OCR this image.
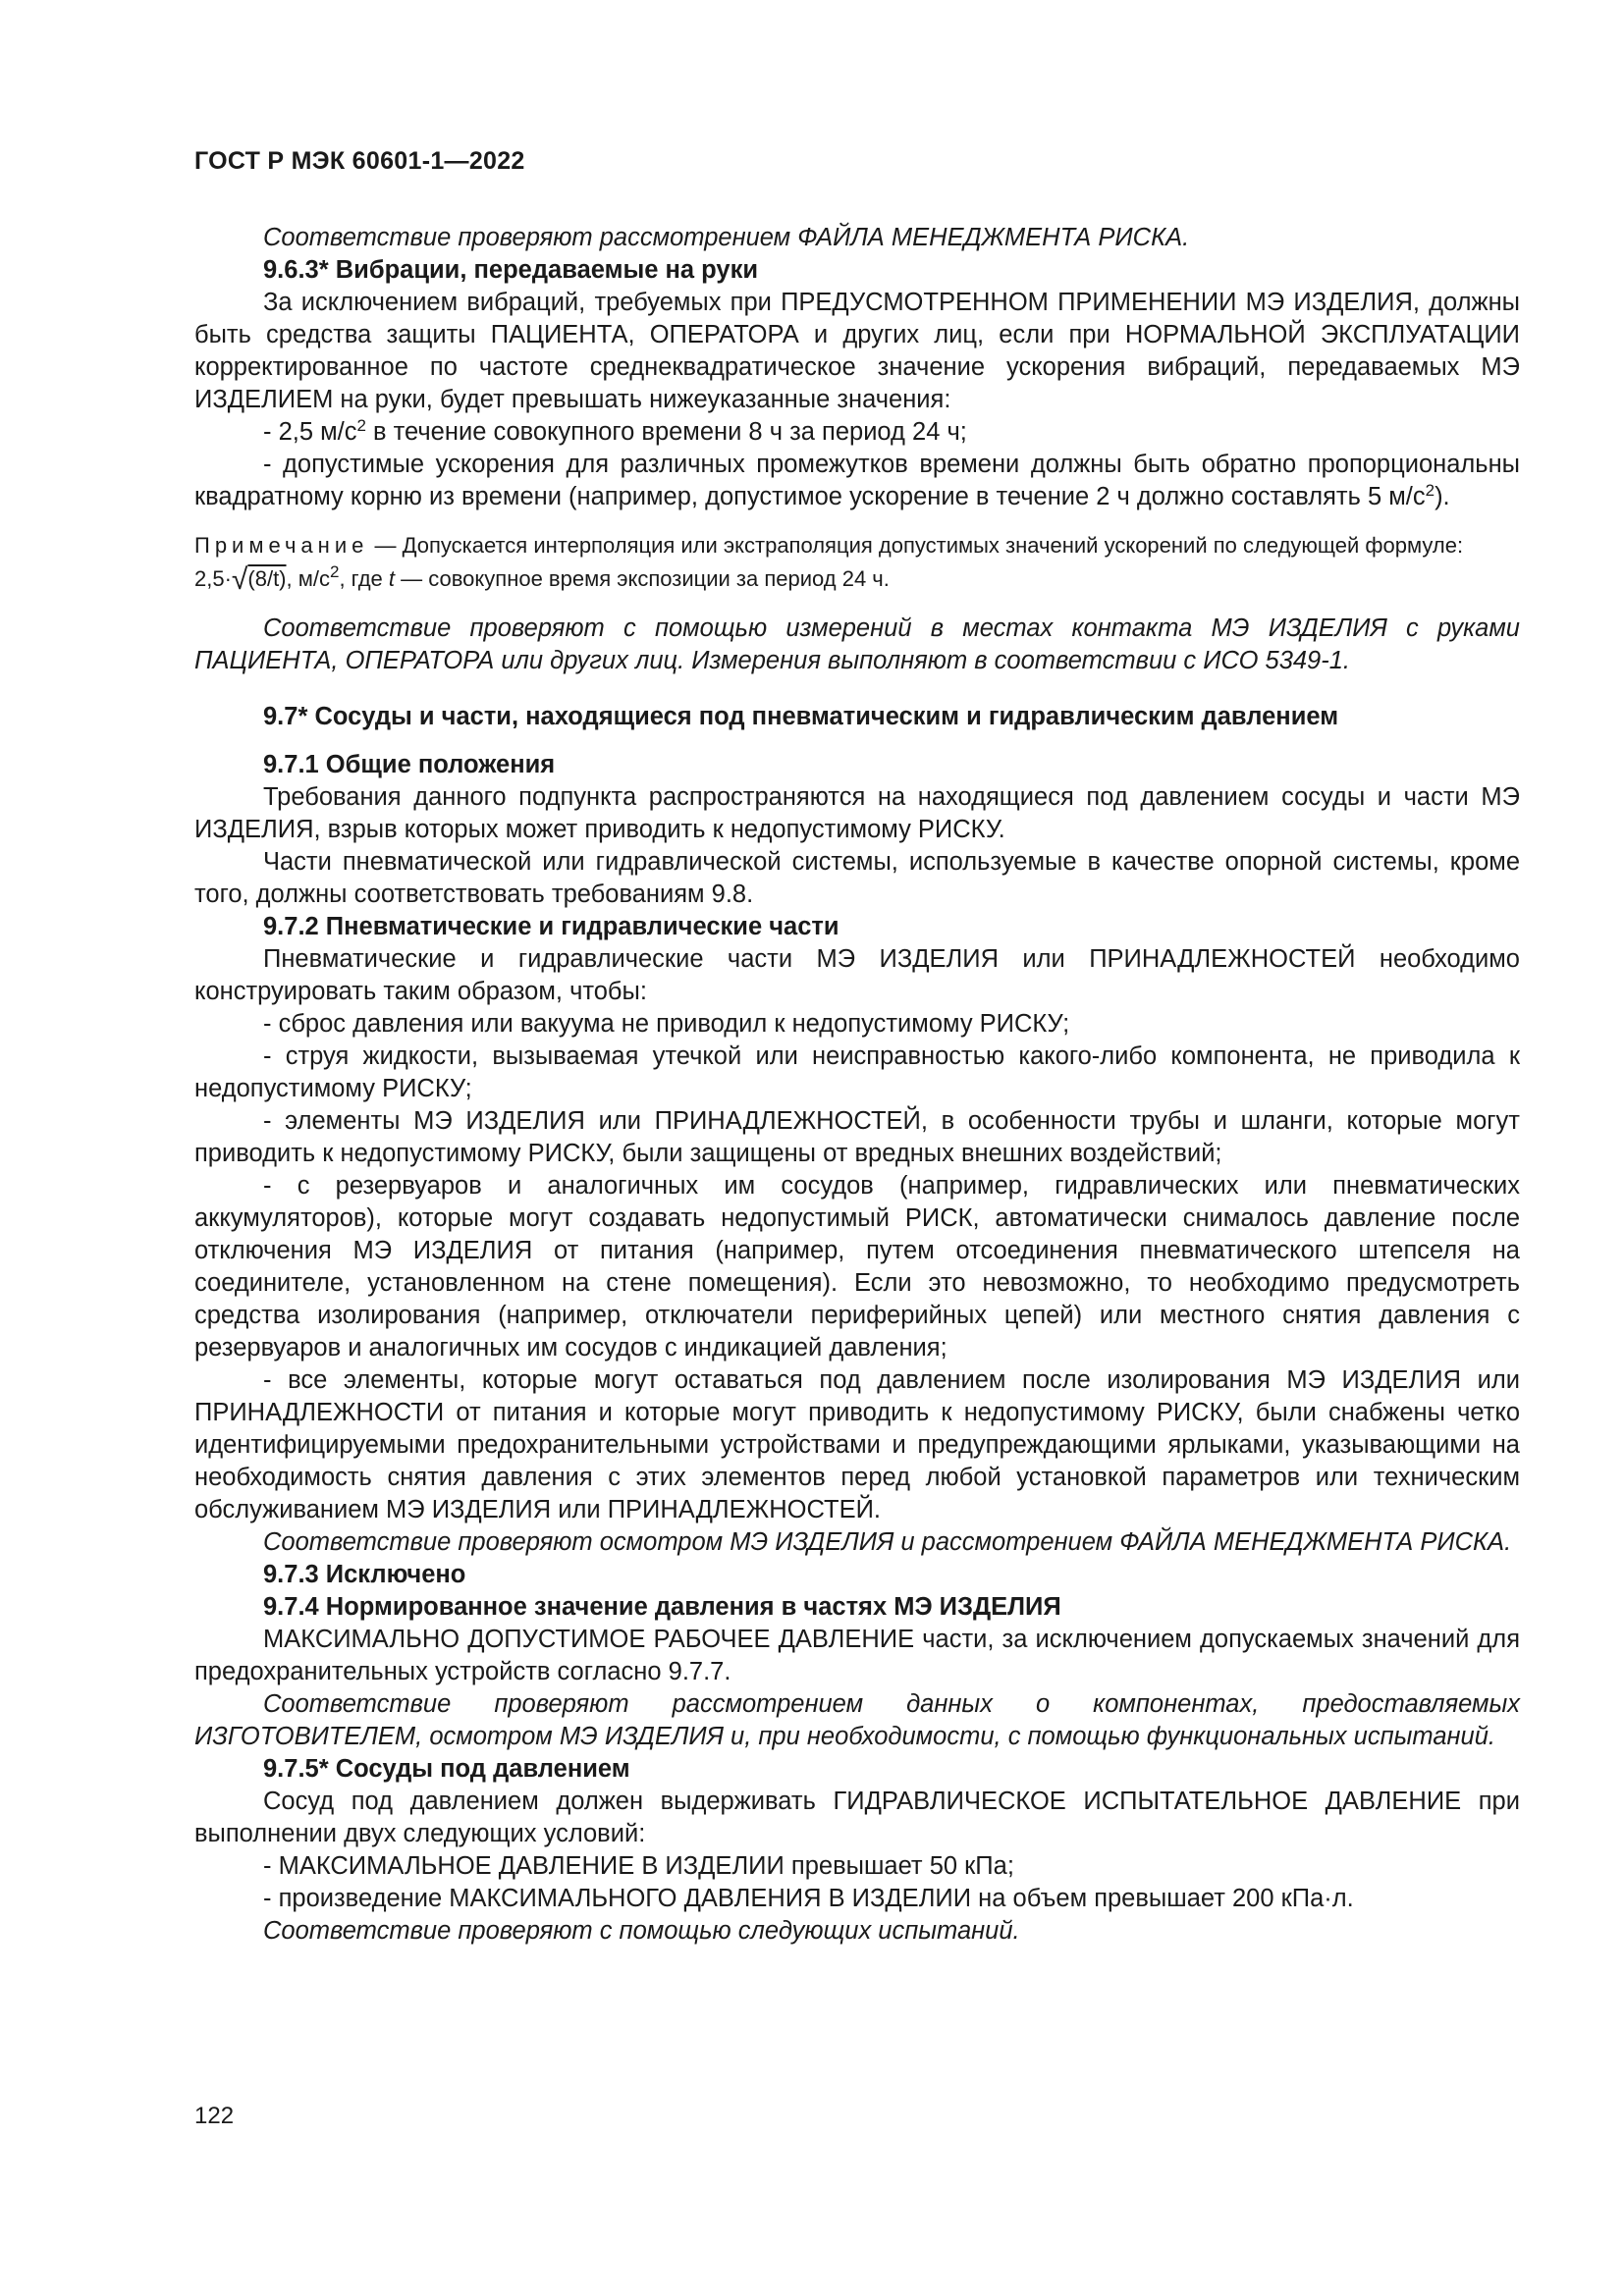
ГОСТ Р МЭК 60601-1—2022

Соответствие проверяют рассмотрением ФАЙЛА МЕНЕДЖМЕНТА РИСКА.

9.6.3* Вибрации, передаваемые на руки

За исключением вибраций, требуемых при ПРЕДУСМОТРЕННОМ ПРИМЕНЕНИИ МЭ ИЗДЕЛИЯ, должны быть средства защиты ПАЦИЕНТА, ОПЕРАТОРА и других лиц, если при НОРМАЛЬНОЙ ЭКСПЛУАТАЦИИ корректированное по частоте среднеквадратическое значение ускорения вибраций, передаваемых МЭ ИЗДЕЛИЕМ на руки, будет превышать нижеуказанные значения:

- 2,5 $м/с^2$ в течение совокупного времени 8 ч за период 24 ч;

- допустимые ускорения для различных промежутков времени должны быть обратно пропорциональны квадратному корню из времени (например, допустимое ускорение в течение 2 ч должно составлять 5 $м/с^2$).

Примечание — Допускается интерполяция или экстраполяция допустимых значений ускорений по следующей формуле: 2,5·√(8/t), $м/с^2$, где t — совокупное время экспозиции за период 24 ч.

Соответствие проверяют с помощью измерений в местах контакта МЭ ИЗДЕЛИЯ с руками ПАЦИЕНТА, ОПЕРАТОРА или других лиц. Измерения выполняют в соответствии с ИСО 5349-1.

9.7* Сосуды и части, находящиеся под пневматическим и гидравлическим давлением

9.7.1 Общие положения

Требования данного подпункта распространяются на находящиеся под давлением сосуды и части МЭ ИЗДЕЛИЯ, взрыв которых может приводить к недопустимому РИСКУ.

Части пневматической или гидравлической системы, используемые в качестве опорной системы, кроме того, должны соответствовать требованиям 9.8.

9.7.2 Пневматические и гидравлические части

Пневматические и гидравлические части МЭ ИЗДЕЛИЯ или ПРИНАДЛЕЖНОСТЕЙ необходимо конструировать таким образом, чтобы:

- сброс давления или вакуума не приводил к недопустимому РИСКУ;

- струя жидкости, вызываемая утечкой или неисправностью какого-либо компонента, не приводила к недопустимому РИСКУ;

- элементы МЭ ИЗДЕЛИЯ или ПРИНАДЛЕЖНОСТЕЙ, в особенности трубы и шланги, которые могут приводить к недопустимому РИСКУ, были защищены от вредных внешних воздействий;

- с резервуаров и аналогичных им сосудов (например, гидравлических или пневматических аккумуляторов), которые могут создавать недопустимый РИСК, автоматически снималось давление после отключения МЭ ИЗДЕЛИЯ от питания (например, путем отсоединения пневматического штепселя на соединителе, установленном на стене помещения). Если это невозможно, то необходимо предусмотреть средства изолирования (например, отключатели периферийных цепей) или местного снятия давления с резервуаров и аналогичных им сосудов с индикацией давления;

- все элементы, которые могут оставаться под давлением после изолирования МЭ ИЗДЕЛИЯ или ПРИНАДЛЕЖНОСТИ от питания и которые могут приводить к недопустимому РИСКУ, были снабжены четко идентифицируемыми предохранительными устройствами и предупреждающими ярлыками, указывающими на необходимость снятия давления с этих элементов перед любой установкой параметров или техническим обслуживанием МЭ ИЗДЕЛИЯ или ПРИНАДЛЕЖНОСТЕЙ.

Соответствие проверяют осмотром МЭ ИЗДЕЛИЯ и рассмотрением ФАЙЛА МЕНЕДЖМЕНТА РИСКА.

9.7.3 Исключено

9.7.4 Нормированное значение давления в частях МЭ ИЗДЕЛИЯ

МАКСИМАЛЬНО ДОПУСТИМОЕ РАБОЧЕЕ ДАВЛЕНИЕ части, за исключением допускаемых значений для предохранительных устройств согласно 9.7.7.

Соответствие проверяют рассмотрением данных о компонентах, предоставляемых ИЗГОТОВИТЕЛЕМ, осмотром МЭ ИЗДЕЛИЯ и, при необходимости, с помощью функциональных испытаний.

9.7.5* Сосуды под давлением

Сосуд под давлением должен выдерживать ГИДРАВЛИЧЕСКОЕ ИСПЫТАТЕЛЬНОЕ ДАВЛЕНИЕ при выполнении двух следующих условий:

- МАКСИМАЛЬНОЕ ДАВЛЕНИЕ В ИЗДЕЛИИ превышает 50 кПа;

- произведение МАКСИМАЛЬНОГО ДАВЛЕНИЯ В ИЗДЕЛИИ на объем превышает 200 кПа·л.

Соответствие проверяют с помощью следующих испытаний.

122
